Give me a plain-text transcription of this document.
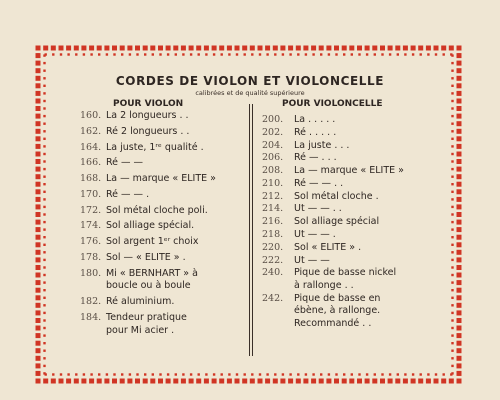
CORDES DE VIOLON ET VIOLONCELLE
calibrées et de qualité supérieure
POUR VIOLON	POUR VIOLONCELLE
160. La 2 longueurs . .
162. Ré 2 longueurs . .
164. La juste, 1ʳᵉ qualité .
166. Ré — —
168. La — marque « ELITE »
170. Ré — — .
172. Sol métal cloche poli.
174. Sol alliage spécial.
176. Sol argent 1ᵉʳ choix
178. Sol — « ELITE » .
180. Mi « BERNHART » à
boucle ou à boule
182. Ré aluminium.
184. Tendeur pratique
pour Mi acier .
200.	La . . . . .
202.	Ré . . . . .
204.	La juste . . .
206.	Ré — . . .
208.	La — marque « ELITE »
210.	Ré — — . .
212.	Sol métal cloche .
214.	Ut — — . .
216.	Sol alliage spécial
218.	Ut — — .
220.	Sol « ELITE » .
222.	Ut — —
240.	Pique de basse nickel
à rallonge . .
242.	Pique de basse en
ébène, à rallonge.
Recommandé . .
